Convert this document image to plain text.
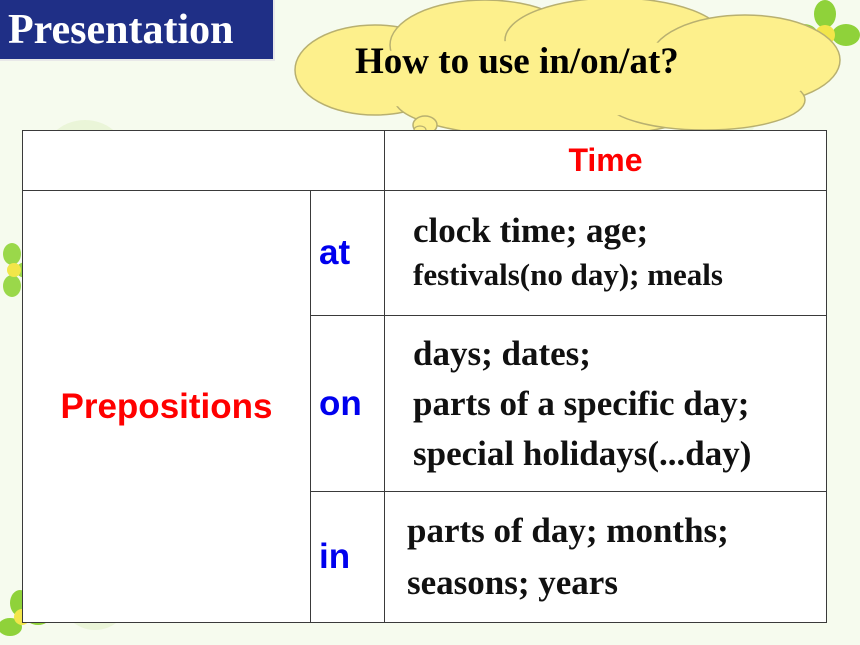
Presentation
How to use in/on/at?
		Time
Prepositions	at	clock time; age;
festivals(no day); meals

	on	days; dates;
parts of a specific day;
special holidays(...day)

	in	parts of day; months;
seasons; years
